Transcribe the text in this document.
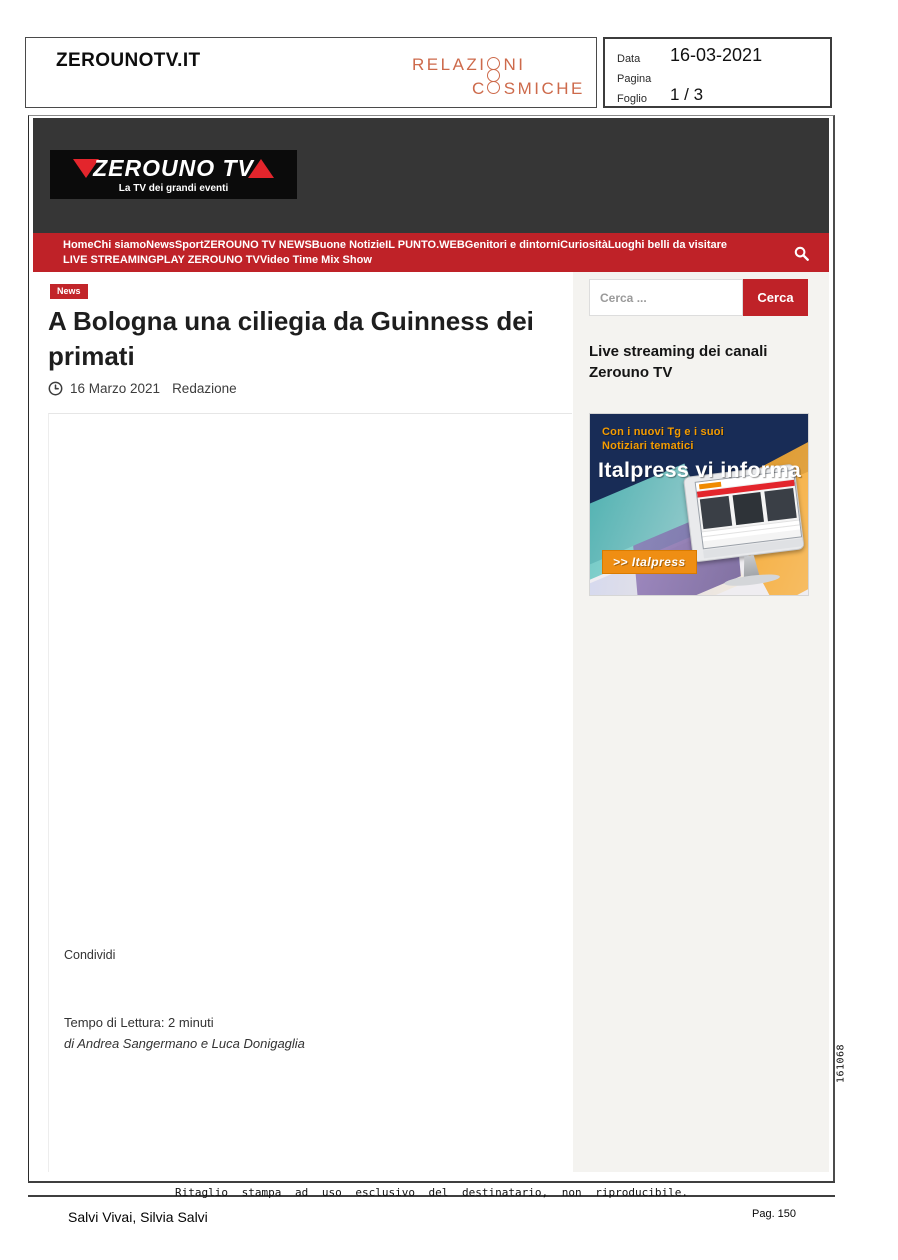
ZEROUNOTV.IT	RELAZI NI
C SMICHE
Data 16-03-2021
Pagina
Foglio 1 / 3
ZEROUNO TV
La TV dei grandi eventi
HomeChi siamoNewsSportZEROUNO TV NEWSBuone NotizieIL PUNTO.WEBGenitori e dintorniCuriositàLuoghi belli da visitare
LIVE STREAMINGPLAY ZEROUNO TVVideo Time Mix Show
News
A Bologna una ciliegia da Guinness dei primati
16 Marzo 2021 Redazione
Condividi
Tempo di Lettura: 2 minuti
di Andrea Sangermano e Luca Donigaglia
Cerca ...
Cerca
Live streaming dei canali Zerouno TV
Con i nuovi Tg e i suoi
Notiziari tematici
Italpress vi informa
>> Italpress
161068
Ritaglio stampa ad uso esclusivo del destinatario, non riproducibile.
Salvi Vivai, Silvia Salvi	Pag. 150
